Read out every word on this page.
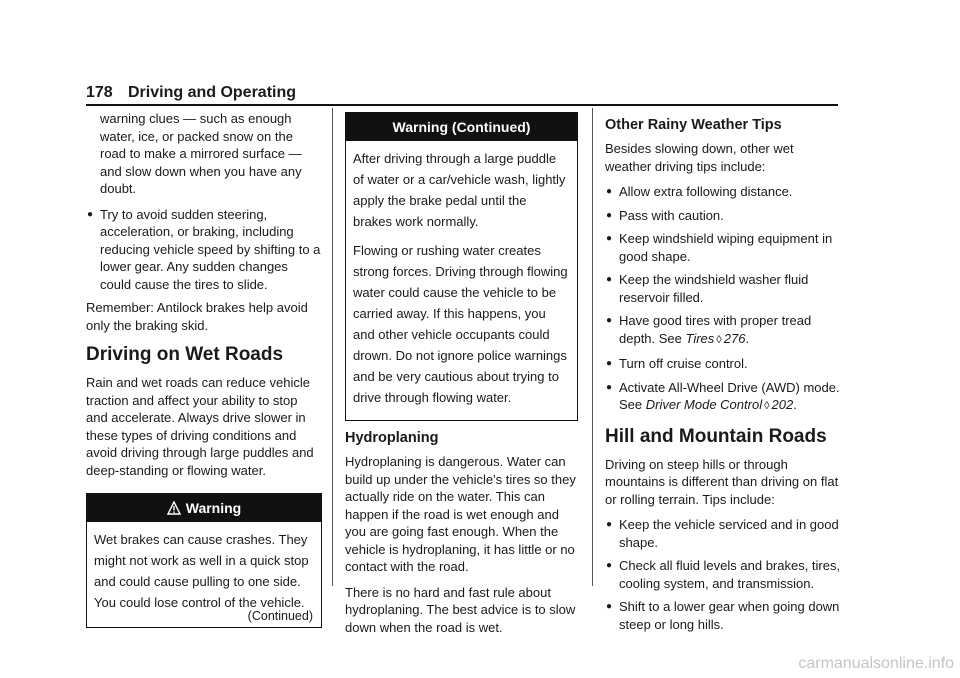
178 Driving and Operating

warning clues — such as enough water, ice, or packed snow on the road to make a mirrored surface — and slow down when you have any doubt.

● Try to avoid sudden steering, acceleration, or braking, including reducing vehicle speed by shifting to a lower gear. Any sudden changes could cause the tires to slide.

Remember: Antilock brakes help avoid only the braking skid.

Driving on Wet Roads

Rain and wet roads can reduce vehicle traction and affect your ability to stop and accelerate. Always drive slower in these types of driving conditions and avoid driving through large puddles and deep-standing or flowing water.

Warning
Wet brakes can cause crashes. They might not work as well in a quick stop and could cause pulling to one side. You could lose control of the vehicle.
(Continued)
Warning (Continued)

After driving through a large puddle of water or a car/vehicle wash, lightly apply the brake pedal until the brakes work normally.

Flowing or rushing water creates strong forces. Driving through flowing water could cause the vehicle to be carried away. If this happens, you and other vehicle occupants could drown. Do not ignore police warnings and be very cautious about trying to drive through flowing water.

Hydroplaning

Hydroplaning is dangerous. Water can build up under the vehicle's tires so they actually ride on the water. This can happen if the road is wet enough and you are going fast enough. When the vehicle is hydroplaning, it has little or no contact with the road.

There is no hard and fast rule about hydroplaning. The best advice is to slow down when the road is wet.

Other Rainy Weather Tips

Besides slowing down, other wet weather driving tips include:

● Allow extra following distance.
● Pass with caution.
● Keep windshield wiping equipment in good shape.
● Keep the windshield washer fluid reservoir filled.
● Have good tires with proper tread depth. See Tires ◊ 276.
● Turn off cruise control.
● Activate All-Wheel Drive (AWD) mode. See Driver Mode Control ◊ 202.
Hill and Mountain Roads

Driving on steep hills or through mountains is different than driving on flat or rolling terrain. Tips include:

● Keep the vehicle serviced and in good shape.
● Check all fluid levels and brakes, tires, cooling system, and transmission.
● Shift to a lower gear when going down steep or long hills.
carmanualsonline.info
